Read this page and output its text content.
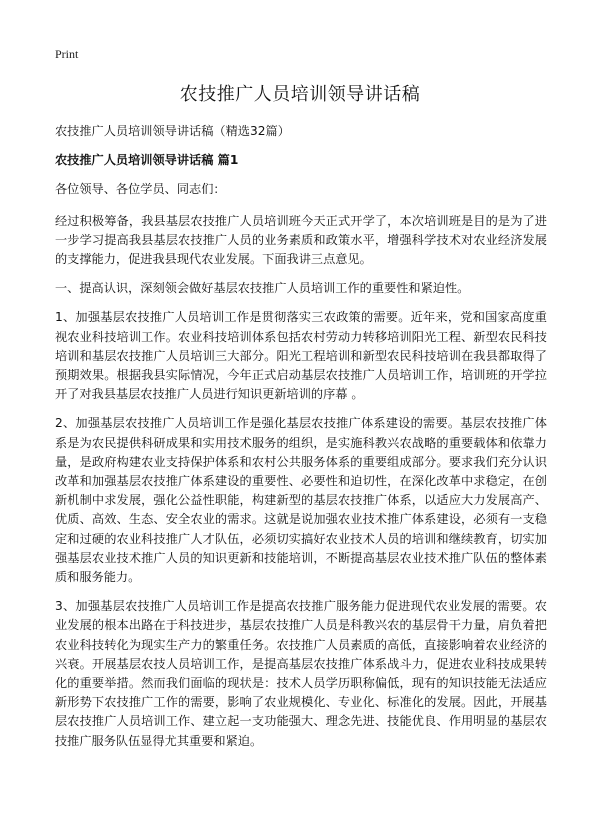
Print
农技推广人员培训领导讲话稿

农技推广人员培训领导讲话稿（精选32篇）

农技推广人员培训领导讲话稿 篇1

各位领导、各位学员、同志们：

经过积极筹备，我县基层农技推广人员培训班今天正式开学了，本次培训班是目的是为了进一步学习提高我县基层农技推广人员的业务素质和政策水平，增强科学技术对农业经济发展的支撑能力，促进我县现代农业发展。下面我讲三点意见。

一、提高认识，深刻领会做好基层农技推广人员培训工作的重要性和紧迫性。

1、加强基层农技推广人员培训工作是贯彻落实三农政策的需要。近年来，党和国家高度重视农业科技培训工作。农业科技培训体系包括农村劳动力转移培训阳光工程、新型农民科技培训和基层农技推广人员培训三大部分。阳光工程培训和新型农民科技培训在我县都取得了预期效果。根据我县实际情况，今年正式启动基层农技推广人员培训工作，培训班的开学拉开了对我县基层农技推广人员进行知识更新培训的序幕 。

2、加强基层农技推广人员培训工作是强化基层农技推广体系建设的需要。基层农技推广体系是为农民提供科研成果和实用技术服务的组织，是实施科教兴农战略的重要载体和依靠力量，是政府构建农业支持保护体系和农村公共服务体系的重要组成部分。要求我们充分认识改革和加强基层农技推广体系建设的重要性、必要性和迫切性，在深化改革中求稳定，在创新机制中求发展，强化公益性职能，构建新型的基层农技推广体系，以适应大力发展高产、优质、高效、生态、安全农业的需求。这就是说加强农业技术推广体系建设，必须有一支稳定和过硬的农业科技推广人才队伍，必须切实搞好农业技术人员的培训和继续教育，切实加强基层农业技术推广人员的知识更新和技能培训，不断提高基层农业技术推广队伍的整体素质和服务能力。

3、加强基层农技推广人员培训工作是提高农技推广服务能力促进现代农业发展的需要。农业发展的根本出路在于科技进步，基层农技推广人员是科教兴农的基层骨干力量，肩负着把农业科技转化为现实生产力的繁重任务。农技推广人员素质的高低，直接影响着农业经济的兴衰。开展基层农技人员培训工作，是提高基层农技推广体系战斗力，促进农业科技成果转化的重要举措。然而我们面临的现状是：技术人员学历职称偏低，现有的知识技能无法适应新形势下农技推广工作的需要，影响了农业规模化、专业化、标准化的发展。因此，开展基层农技推广人员培训工作、建立起一支功能强大、理念先进、技能优良、作用明显的基层农技推广服务队伍显得尤其重要和紧迫。
